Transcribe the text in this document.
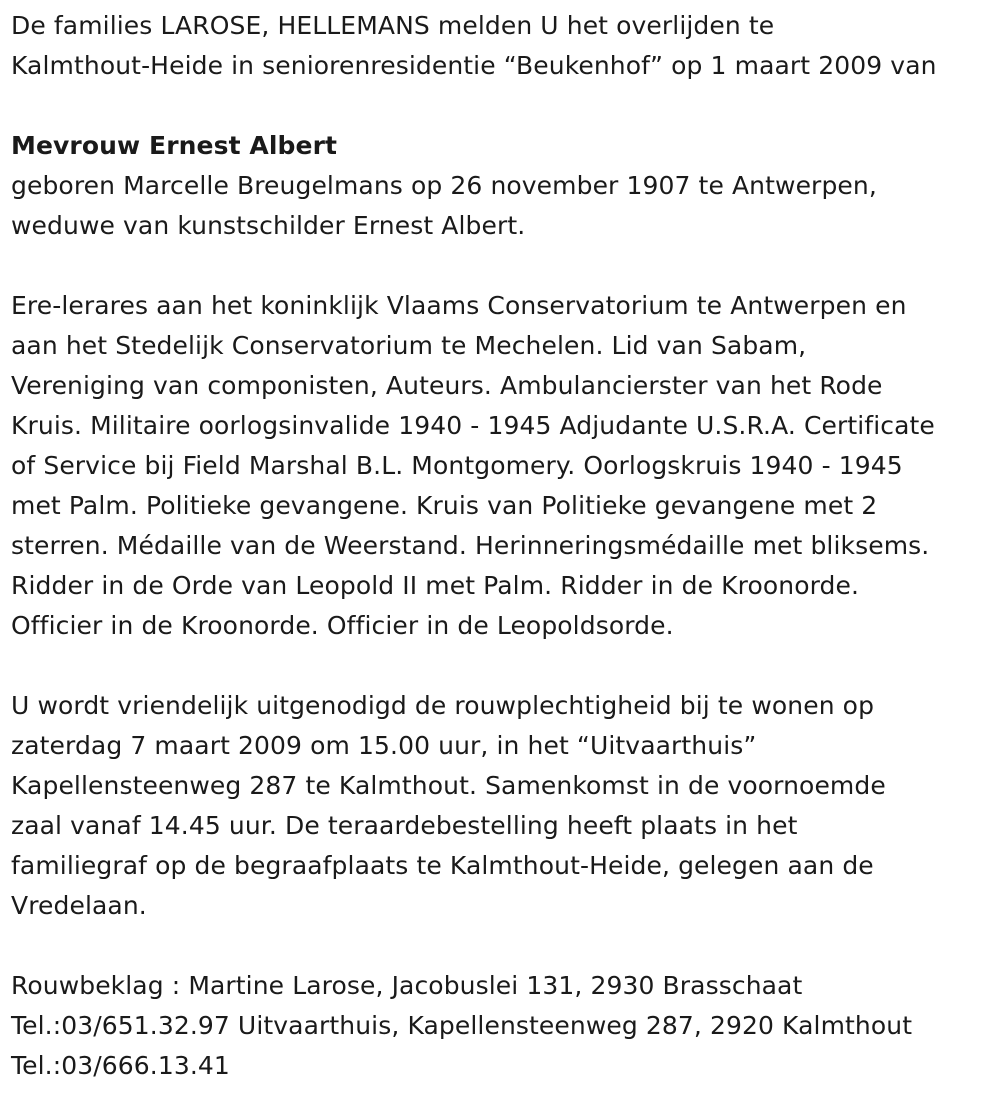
De families LAROSE, HELLEMANS melden U het overlijden te
Kalmthout-Heide in seniorenresidentie “Beukenhof” op 1 maart 2009 van
Mevrouw Ernest Albert
geboren Marcelle Breugelmans op 26 november 1907 te Antwerpen,
weduwe van kunstschilder Ernest Albert.
Ere-lerares aan het koninklijk Vlaams Conservatorium te Antwerpen en
aan het Stedelijk Conservatorium te Mechelen. Lid van Sabam,
Vereniging van componisten, Auteurs. Ambulancierster van het Rode
Kruis. Militaire oorlogsinvalide 1940 - 1945 Adjudante U.S.R.A. Certificate
of Service bij Field Marshal B.L. Montgomery. Oorlogskruis 1940 - 1945
met Palm. Politieke gevangene. Kruis van Politieke gevangene met 2
sterren. Médaille van de Weerstand. Herinneringsmédaille met bliksems.
Ridder in de Orde van Leopold II met Palm. Ridder in de Kroonorde.
Officier in de Kroonorde. Officier in de Leopoldsorde.
U wordt vriendelijk uitgenodigd de rouwplechtigheid bij te wonen op
zaterdag 7 maart 2009 om 15.00 uur, in het “Uitvaarthuis”
Kapellensteenweg 287 te Kalmthout. Samenkomst in de voornoemde
zaal vanaf 14.45 uur. De teraardebestelling heeft plaats in het
familiegraf op de begraafplaats te Kalmthout-Heide, gelegen aan de
Vredelaan.
Rouwbeklag : Martine Larose, Jacobuslei 131, 2930 Brasschaat
Tel.:03/651.32.97 Uitvaarthuis, Kapellensteenweg 287, 2920 Kalmthout
Tel.:03/666.13.41
